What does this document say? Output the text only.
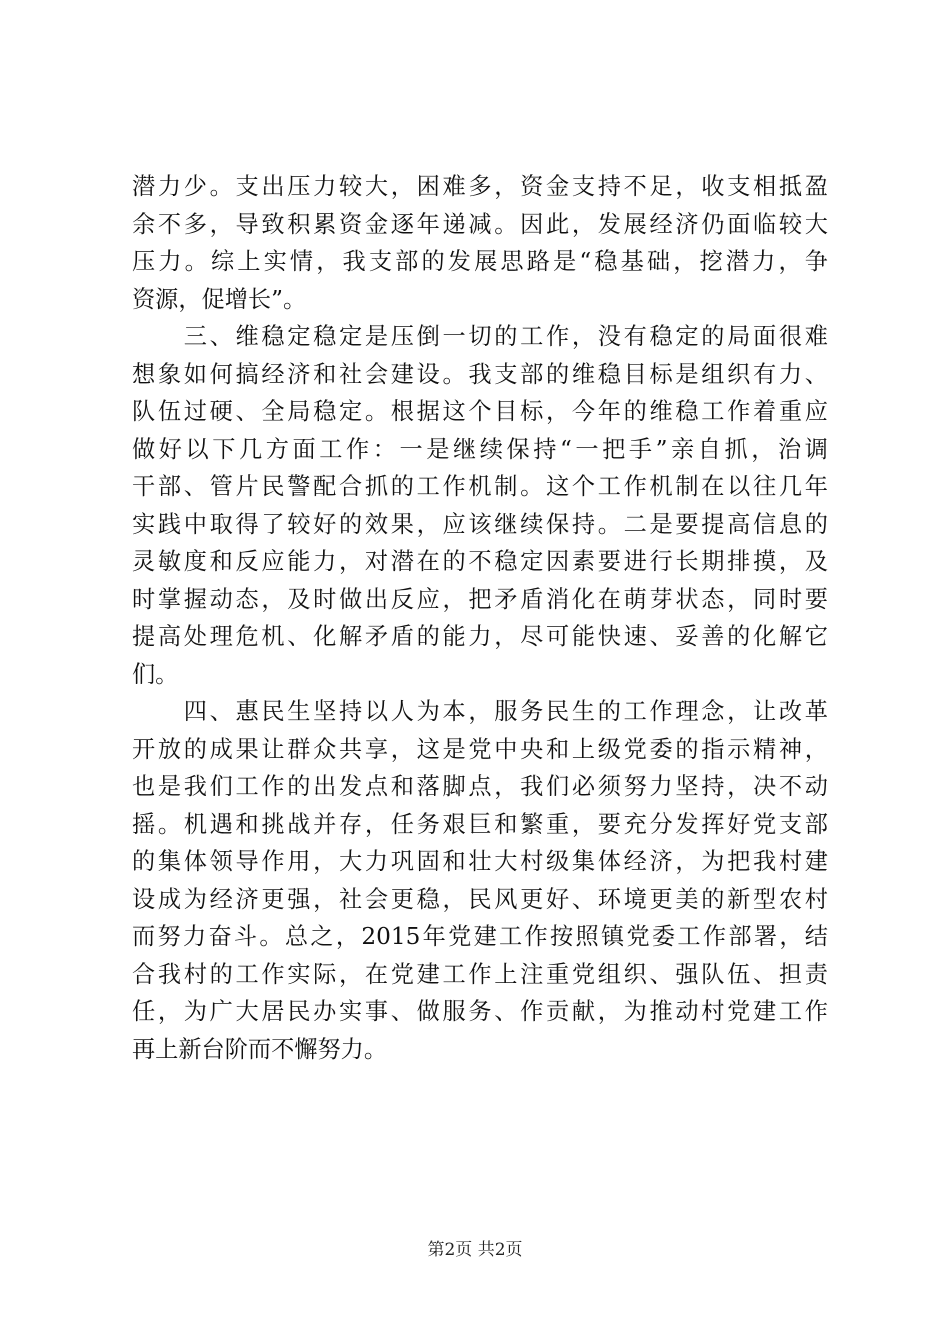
潜力少。支出压力较大，困难多，资金支持不足，收支相抵盈
余不多，导致积累资金逐年递减。因此，发展经济仍面临较大
压力。综上实情，我支部的发展思路是“稳基础，挖潜力，争
资源，促增长”。
　　三、维稳定稳定是压倒一切的工作，没有稳定的局面很难
想象如何搞经济和社会建设。我支部的维稳目标是组织有力、
队伍过硬、全局稳定。根据这个目标，今年的维稳工作着重应
做好以下几方面工作：一是继续保持“一把手”亲自抓，治调
干部、管片民警配合抓的工作机制。这个工作机制在以往几年
实践中取得了较好的效果，应该继续保持。二是要提高信息的
灵敏度和反应能力，对潜在的不稳定因素要进行长期排摸，及
时掌握动态，及时做出反应，把矛盾消化在萌芽状态，同时要
提高处理危机、化解矛盾的能力，尽可能快速、妥善的化解它
们。
　　四、惠民生坚持以人为本，服务民生的工作理念，让改革
开放的成果让群众共享，这是党中央和上级党委的指示精神，
也是我们工作的出发点和落脚点，我们必须努力坚持，决不动
摇。机遇和挑战并存，任务艰巨和繁重，要充分发挥好党支部
的集体领导作用，大力巩固和壮大村级集体经济，为把我村建
设成为经济更强，社会更稳，民风更好、环境更美的新型农村
而努力奋斗。总之，2015年党建工作按照镇党委工作部署，结
合我村的工作实际，在党建工作上注重党组织、强队伍、担责
任，为广大居民办实事、做服务、作贡献，为推动村党建工作
再上新台阶而不懈努力。
第2页 共2页
